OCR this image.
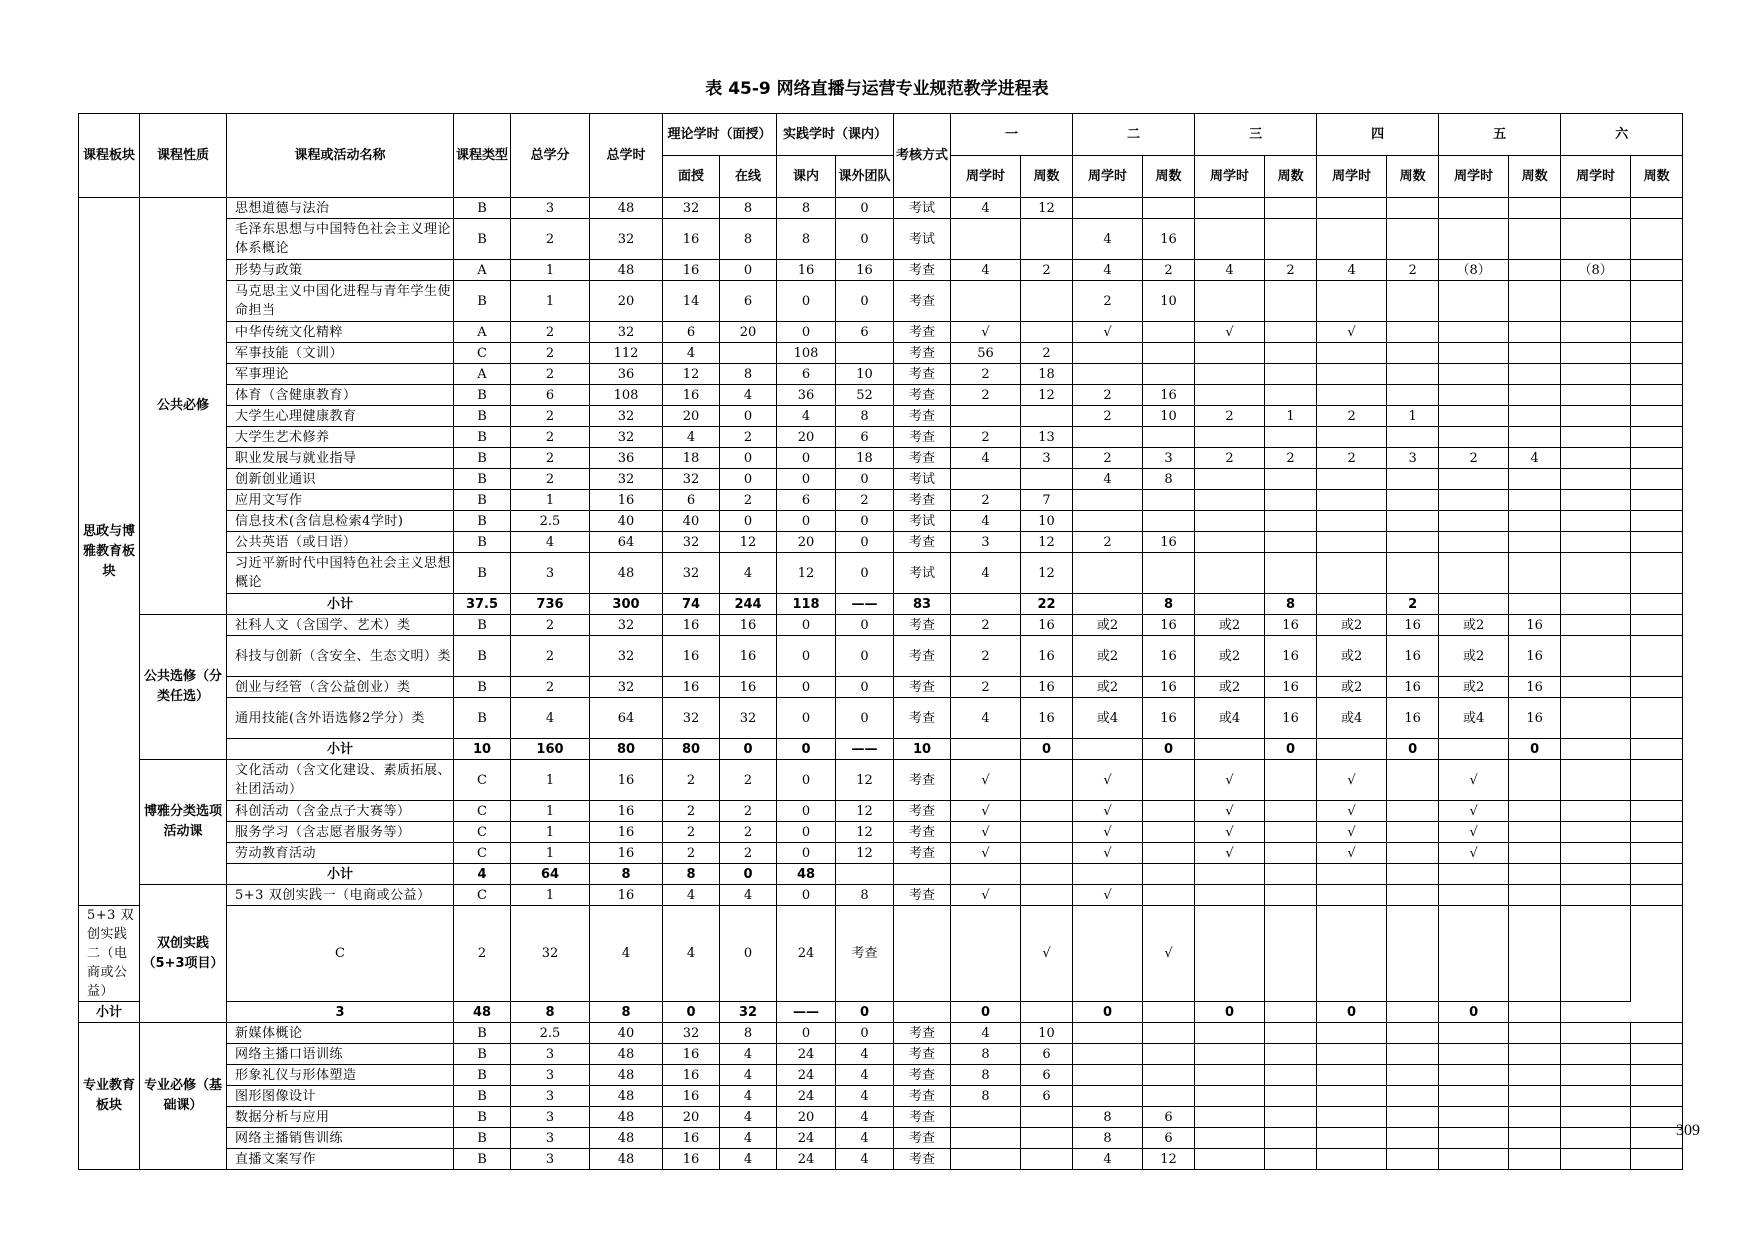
表 45-9 网络直播与运营专业规范教学进程表
课程板块	课程性质	课程或活动名称	课程类型	总学分	总学时	理论学时（面授）		实践学时（课内）		考核方式	一		二		三		四		五		六	
						面授	在线	课内	课外团队		周学时	周数	周学时	周数	周学时	周数	周学时	周数	周学时	周数	周学时	周数
思政与博雅教育板块	公共必修	思想道德与法治	B	3	48	32	8	8	0	考试	4	12										
		毛泽东思想与中国特色社会主义理论体系概论	B	2	32	16	8	8	0	考试			4	16								
		形势与政策	A	1	48	16	0	16	16	考查	4	2	4	2	4	2	4	2	（8）		（8）	
		马克思主义中国化进程与青年学生使命担当	B	1	20	14	6	0	0	考查			2	10								
		中华传统文化精粹	A	2	32	6	20	0	6	考查	√		√		√		√					
		军事技能（文训）	C	2	112	4		108		考查	56	2										
		军事理论	A	2	36	12	8	6	10	考查	2	18										
		体育（含健康教育）	B	6	108	16	4	36	52	考查	2	12	2	16								
		大学生心理健康教育	B	2	32	20	0	4	8	考查			2	10	2	1	2	1				
		大学生艺术修养	B	2	32	4	2	20	6	考查	2	13										
		职业发展与就业指导	B	2	36	18	0	0	18	考查	4	3	2	3	2	2	2	3	2	4		
		创新创业通识	B	2	32	32	0	0	0	考试			4	8								
		应用文写作	B	1	16	6	2	6	2	考查	2	7										
		信息技术(含信息检索4学时)	B	2.5	40	40	0	0	0	考试	4	10										
		公共英语（或日语）	B	4	64	32	12	20	0	考查	3	12	2	16								
		习近平新时代中国特色社会主义思想概论	B	3	48	32	4	12	0	考试	4	12										
		小计	37.5	736	300	74	244	118	——	83		22		8		8		2				
	公共选修（分类任选）	社科人文（含国学、艺术）类	B	2	32	16	16	0	0	考查	2	16	或2	16	或2	16	或2	16	或2	16		
		科技与创新（含安全、生态文明）类	B	2	32	16	16	0	0	考查	2	16	或2	16	或2	16	或2	16	或2	16		
		创业与经管（含公益创业）类	B	2	32	16	16	0	0	考查	2	16	或2	16	或2	16	或2	16	或2	16		
		通用技能(含外语选修2学分）类	B	4	64	32	32	0	0	考查	4	16	或4	16	或4	16	或4	16	或4	16		
		小计	10	160	80	80	0	0	——	10		0		0		0		0		0		
	博雅分类选项活动课	文化活动（含文化建设、素质拓展、社团活动）	C	1	16	2	2	0	12	考查	√		√		√		√		√			
		科创活动（含金点子大赛等）	C	1	16	2	2	0	12	考查	√		√		√		√		√			
		服务学习（含志愿者服务等）	C	1	16	2	2	0	12	考查	√		√		√		√		√			
		劳动教育活动	C	1	16	2	2	0	12	考查	√		√		√		√		√			
		小计	4	64	8	8	0	48														
	双创实践（5+3项目）	5+3 双创实践一（电商或公益）	C	1	16	4	4	0	8	考查	√		√									
5+3 双创实践二（电商或公益）		C	2	32	4	4	0	24	考查			√		√								
小计		3	48	8	8	0	32	——	0		0		0		0		0		0			
专业教育板块	专业必修（基础课）	新媒体概论	B	2.5	40	32	8	0	0	考查	4	10										
		网络主播口语训练	B	3	48	16	4	24	4	考查	8	6										
		形象礼仪与形体塑造	B	3	48	16	4	24	4	考查	8	6										
		图形图像设计	B	3	48	16	4	24	4	考查	8	6										
		数据分析与应用	B	3	48	20	4	20	4	考查			8	6								
		网络主播销售训练	B	3	48	16	4	24	4	考查			8	6								
		直播文案写作	B	3	48	16	4	24	4	考查			4	12								
309
